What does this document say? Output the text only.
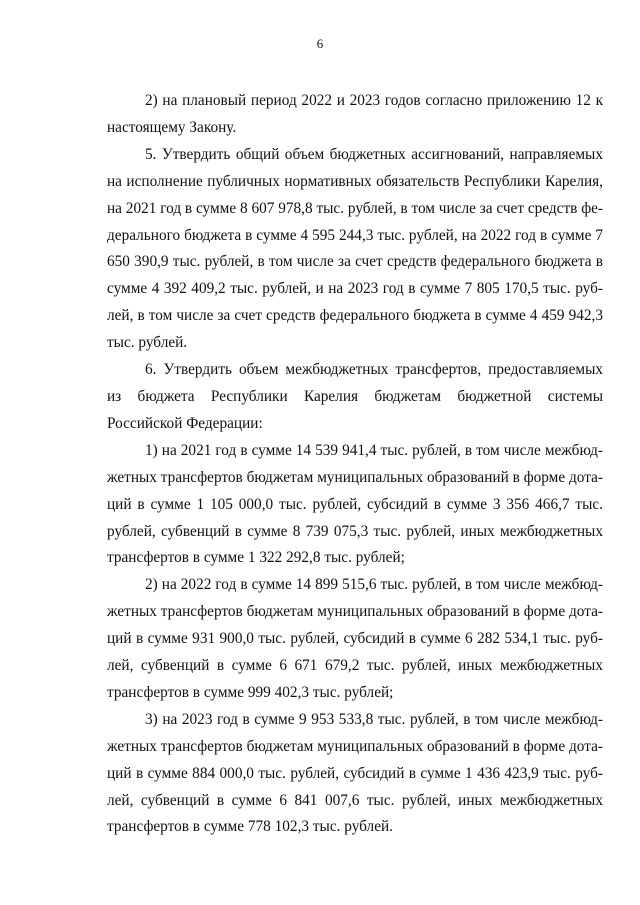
6

2) на плановый период 2022 и 2023 годов согласно приложению 12 к настоящему Закону.

5. Утвердить общий объем бюджетных ассигнований, направляемых на исполнение публичных нормативных обязательств Республики Карелия, на 2021 год в сумме 8 607 978,8 тыс. рублей, в том числе за счет средств федерального бюджета в сумме 4 595 244,3 тыс. рублей, на 2022 год в сумме 7 650 390,9 тыс. рублей, в том числе за счет средств федерального бюджета в сумме 4 392 409,2 тыс. рублей, и на 2023 год в сумме 7 805 170,5 тыс. рублей, в том числе за счет средств федерального бюджета в сумме 4 459 942,3 тыс. рублей.

6. Утвердить объем межбюджетных трансфертов, предоставляемых из бюджета Республики Карелия бюджетам бюджетной системы Российской Федерации:

1) на 2021 год в сумме 14 539 941,4 тыс. рублей, в том числе межбюджетных трансфертов бюджетам муниципальных образований в форме дотаций в сумме 1 105 000,0 тыс. рублей, субсидий в сумме 3 356 466,7 тыс. рублей, субвенций в сумме 8 739 075,3 тыс. рублей, иных межбюджетных трансфертов в сумме 1 322 292,8 тыс. рублей;

2) на 2022 год в сумме 14 899 515,6 тыс. рублей, в том числе межбюджетных трансфертов бюджетам муниципальных образований в форме дотаций в сумме 931 900,0 тыс. рублей, субсидий в сумме 6 282 534,1 тыс. рублей, субвенций в сумме 6 671 679,2 тыс. рублей, иных межбюджетных трансфертов в сумме 999 402,3 тыс. рублей;

3) на 2023 год в сумме 9 953 533,8 тыс. рублей, в том числе межбюджетных трансфертов бюджетам муниципальных образований в форме дотаций в сумме 884 000,0 тыс. рублей, субсидий в сумме 1 436 423,9 тыс. рублей, субвенций в сумме 6 841 007,6 тыс. рублей, иных межбюджетных трансфертов в сумме 778 102,3 тыс. рублей.
